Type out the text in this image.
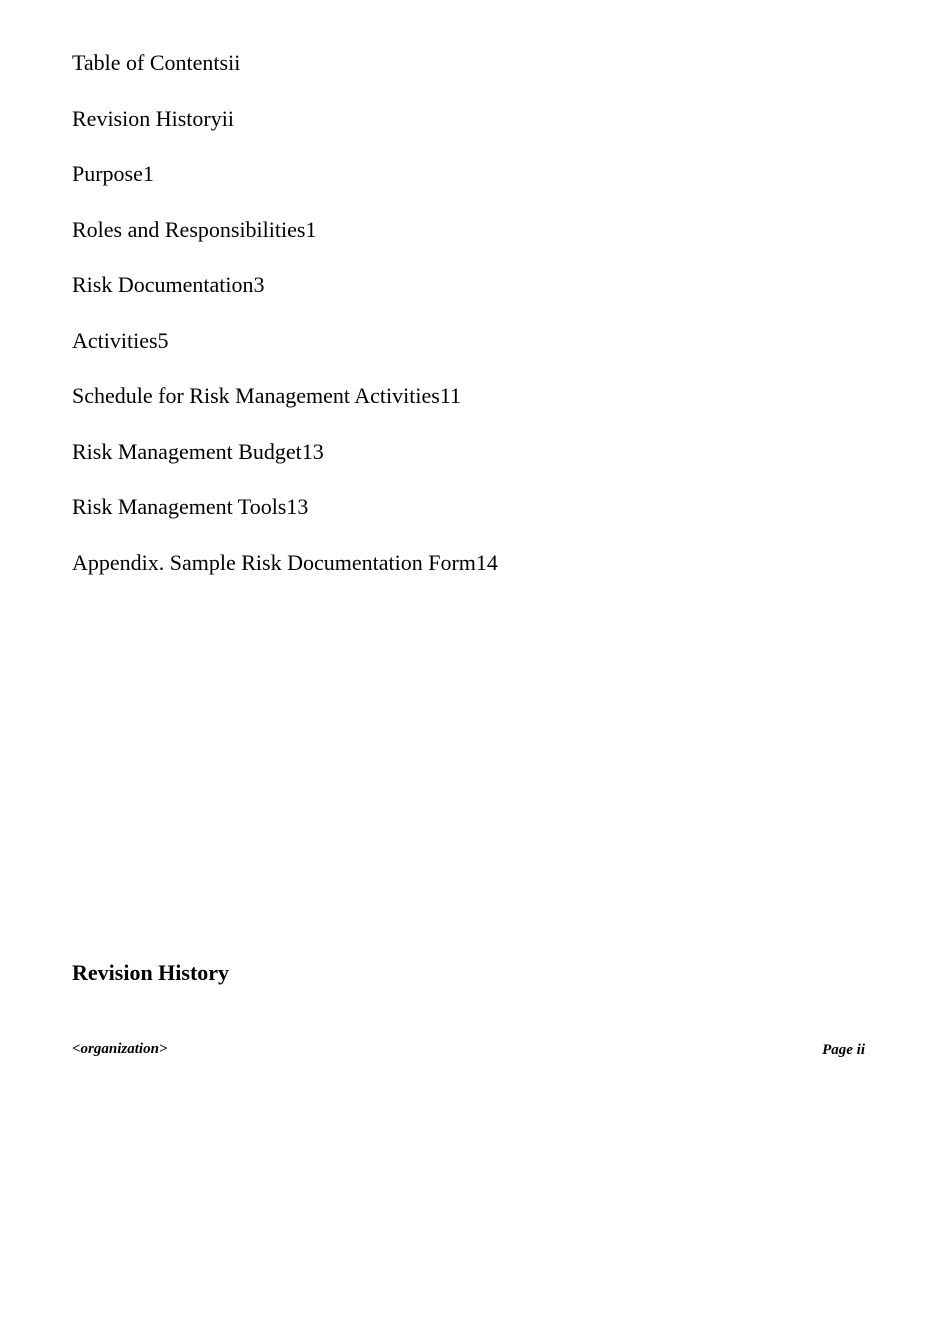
Table of Contentsii
Revision Historyii
Purpose1
Roles and Responsibilities1
Risk Documentation3
Activities5
Schedule for Risk Management Activities11
Risk Management Budget13
Risk Management Tools13
Appendix. Sample Risk Documentation Form14
Revision History
<organization>	Page ii
